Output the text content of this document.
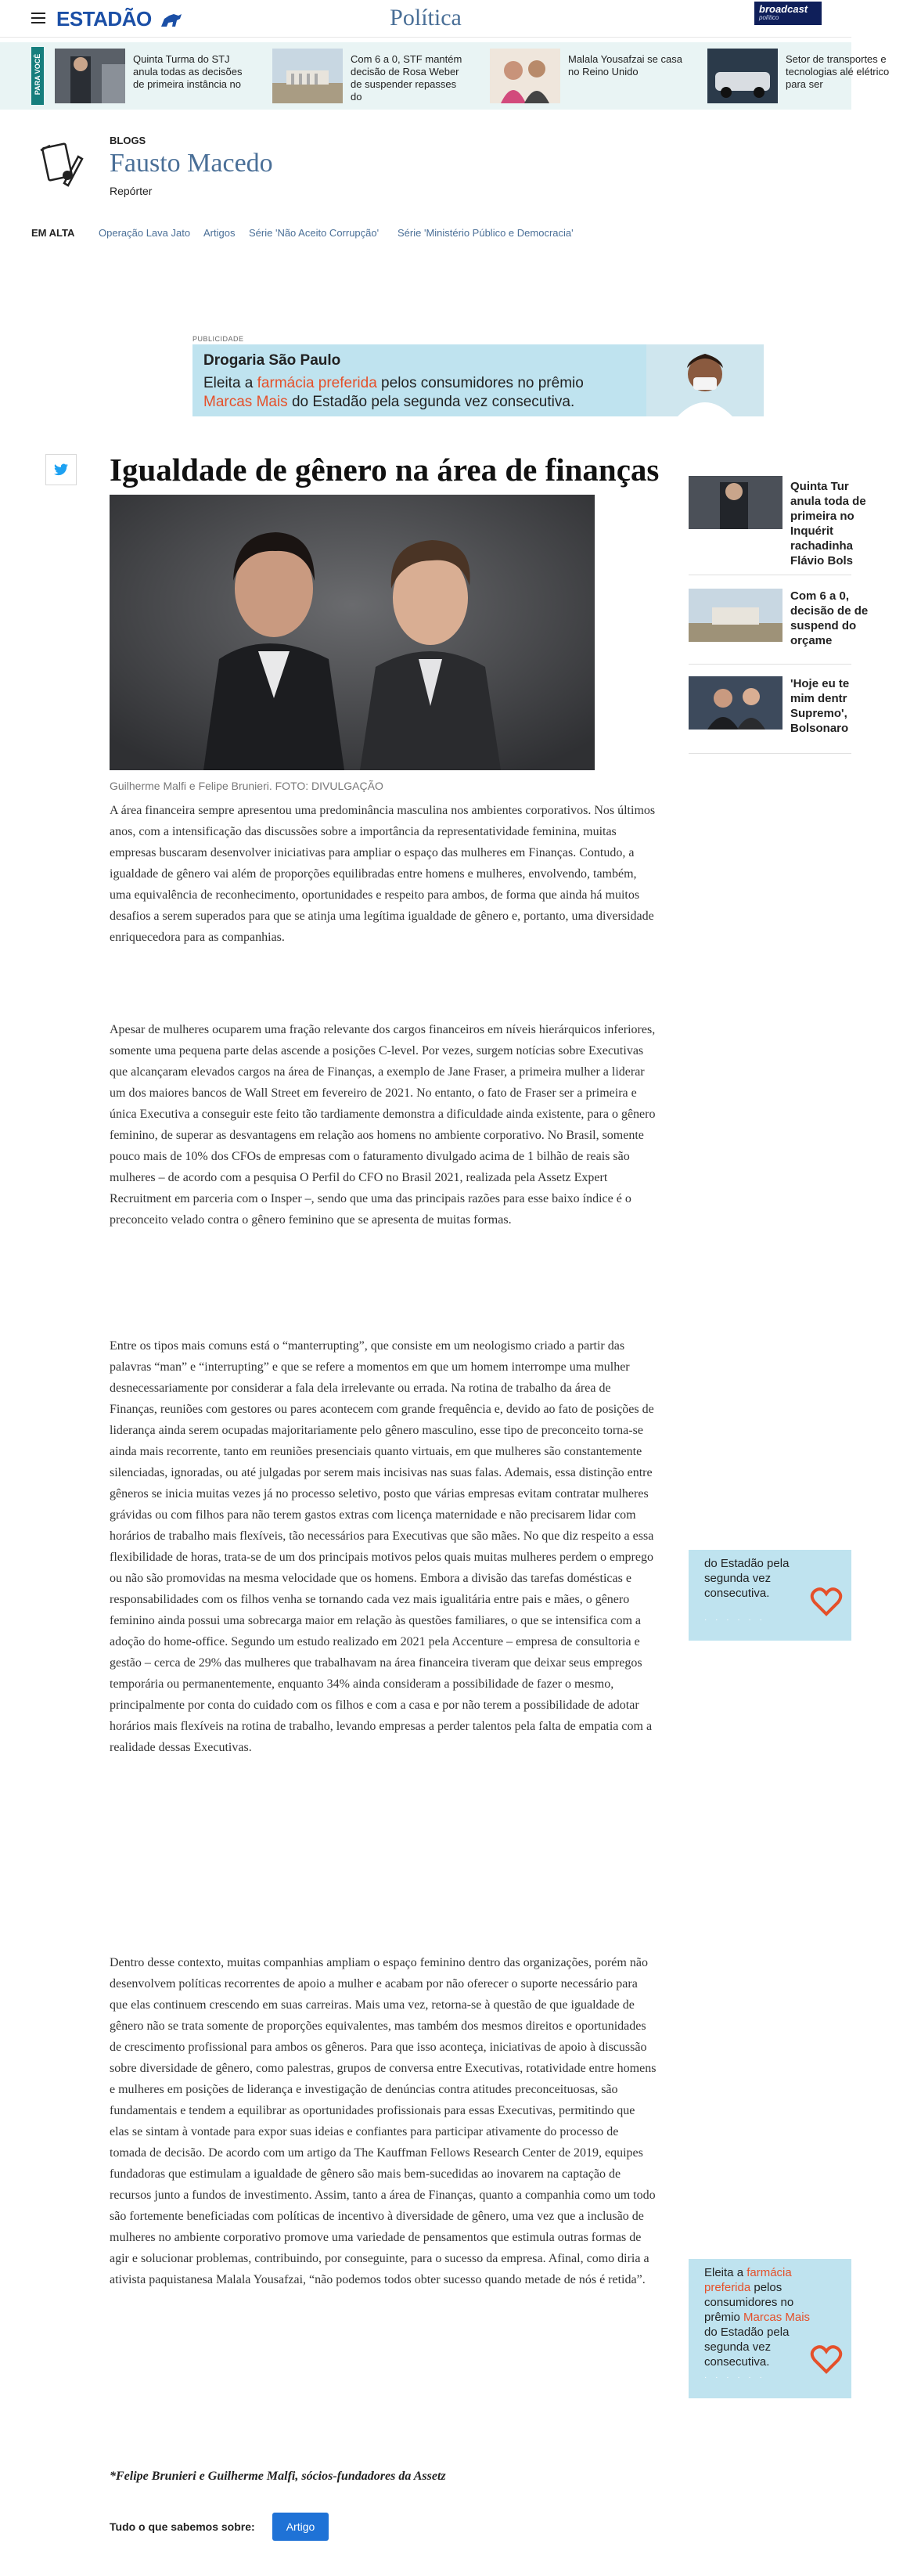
ESTADÃO	Política	broadcast
político
PARA VOCÊ	Quinta Turma do STJ anula todas as decisões de primeira instância no
Com 6 a 0, STF mantém decisão de Rosa Weber de suspender repasses do
Malala Yousafzai se casa no Reino Unido
Setor de transportes e tecnologias alé elétrico para ser
BLOGS
Fausto Macedo
Repórter
EM ALTA Operação Lava Jato Artigos Série 'Não Aceito Corrupção' Série 'Ministério Público e Democracia'
PUBLICIDADE
Drogaria São Paulo
Eleita a farmácia preferida pelos consumidores no prêmio Marcas Mais do Estadão pela segunda vez consecutiva.
Igualdade de gênero na área de finanças
Guilherme Malfi e Felipe Brunieri. FOTO: DIVULGAÇÃO

A área financeira sempre apresentou uma predominância masculina nos ambientes corporativos. Nos últimos anos, com a intensificação das discussões sobre a importância da representatividade feminina, muitas empresas buscaram desenvolver iniciativas para ampliar o espaço das mulheres em Finanças. Contudo, a igualdade de gênero vai além de proporções equilibradas entre homens e mulheres, envolvendo, também, uma equivalência de reconhecimento, oportunidades e respeito para ambos, de forma que ainda há muitos desafios a serem superados para que se atinja uma legítima igualdade de gênero e, portanto, uma diversidade enriquecedora para as companhias.

Apesar de mulheres ocuparem uma fração relevante dos cargos financeiros em níveis hierárquicos inferiores, somente uma pequena parte delas ascende a posições C-level. Por vezes, surgem notícias sobre Executivas que alcançaram elevados cargos na área de Finanças, a exemplo de Jane Fraser, a primeira mulher a liderar um dos maiores bancos de Wall Street em fevereiro de 2021. No entanto, o fato de Fraser ser a primeira e única Executiva a conseguir este feito tão tardiamente demonstra a dificuldade ainda existente, para o gênero feminino, de superar as desvantagens em relação aos homens no ambiente corporativo. No Brasil, somente pouco mais de 10% dos CFOs de empresas com o faturamento divulgado acima de 1 bilhão de reais são mulheres – de acordo com a pesquisa O Perfil do CFO no Brasil 2021, realizada pela Assetz Expert Recruitment em parceria com o Insper –, sendo que uma das principais razões para esse baixo índice é o preconceito velado contra o gênero feminino que se apresenta de muitas formas.

Entre os tipos mais comuns está o “manterrupting”, que consiste em um neologismo criado a partir das palavras “man” e “interrupting” e que se refere a momentos em que um homem interrompe uma mulher desnecessariamente por considerar a fala dela irrelevante ou errada. Na rotina de trabalho da área de Finanças, reuniões com gestores ou pares acontecem com grande frequência e, devido ao fato de posições de liderança ainda serem ocupadas majoritariamente pelo gênero masculino, esse tipo de preconceito torna-se ainda mais recorrente, tanto em reuniões presenciais quanto virtuais, em que mulheres são constantemente silenciadas, ignoradas, ou até julgadas por serem mais incisivas nas suas falas. Ademais, essa distinção entre gêneros se inicia muitas vezes já no processo seletivo, posto que várias empresas evitam contratar mulheres grávidas ou com filhos para não terem gastos extras com licença maternidade e não precisarem lidar com horários de trabalho mais flexíveis, tão necessários para Executivas que são mães. No que diz respeito a essa flexibilidade de horas, trata-se de um dos principais motivos pelos quais muitas mulheres perdem o emprego ou não são promovidas na mesma velocidade que os homens. Embora a divisão das tarefas domésticas e responsabilidades com os filhos venha se tornando cada vez mais igualitária entre pais e mães, o gênero feminino ainda possui uma sobrecarga maior em relação às questões familiares, o que se intensifica com a adoção do home-office. Segundo um estudo realizado em 2021 pela Accenture – empresa de consultoria e gestão – cerca de 29% das mulheres que trabalhavam na área financeira tiveram que deixar seus empregos temporária ou permanentemente, enquanto 34% ainda consideram a possibilidade de fazer o mesmo, principalmente por conta do cuidado com os filhos e com a casa e por não terem a possibilidade de adotar horários mais flexíveis na rotina de trabalho, levando empresas a perder talentos pela falta de empatia com a realidade dessas Executivas.

Dentro desse contexto, muitas companhias ampliam o espaço feminino dentro das organizações, porém não desenvolvem políticas recorrentes de apoio a mulher e acabam por não oferecer o suporte necessário para que elas continuem crescendo em suas carreiras. Mais uma vez, retorna-se à questão de que igualdade de gênero não se trata somente de proporções equivalentes, mas também dos mesmos direitos e oportunidades de crescimento profissional para ambos os gêneros. Para que isso aconteça, iniciativas de apoio à discussão sobre diversidade de gênero, como palestras, grupos de conversa entre Executivas, rotatividade entre homens e mulheres em posições de liderança e investigação de denúncias contra atitudes preconceituosas, são fundamentais e tendem a equilibrar as oportunidades profissionais para essas Executivas, permitindo que elas se sintam à vontade para expor suas ideias e confiantes para participar ativamente do processo de tomada de decisão. De acordo com um artigo da The Kauffman Fellows Research Center de 2019, equipes fundadoras que estimulam a igualdade de gênero são mais bem-sucedidas ao inovarem na captação de recursos junto a fundos de investimento. Assim, tanto a área de Finanças, quanto a companhia como um todo são fortemente beneficiadas com políticas de incentivo à diversidade de gênero, uma vez que a inclusão de mulheres no ambiente corporativo promove uma variedade de pensamentos que estimula outras formas de agir e solucionar problemas, contribuindo, por conseguinte, para o sucesso da empresa. Afinal, como diria a ativista paquistanesa Malala Yousafzai, “não podemos todos obter sucesso quando metade de nós é retida”.

*Felipe Brunieri e Guilherme Malfi, sócios-fundadores da Assetz

Tudo o que sabemos sobre:	Artigo
Quinta Tur anula toda de primeira no Inquérit rachadinha Flávio Bols
Com 6 a 0, decisão de de suspend do orçame
'Hoje eu te mim dentr Supremo', Bolsonaro
do Estadão pela segunda vez consecutiva.
· · · · · ·
Eleita a farmácia preferida pelos consumidores no prêmio Marcas Mais do Estadão pela segunda vez consecutiva.
· · · · · ·
